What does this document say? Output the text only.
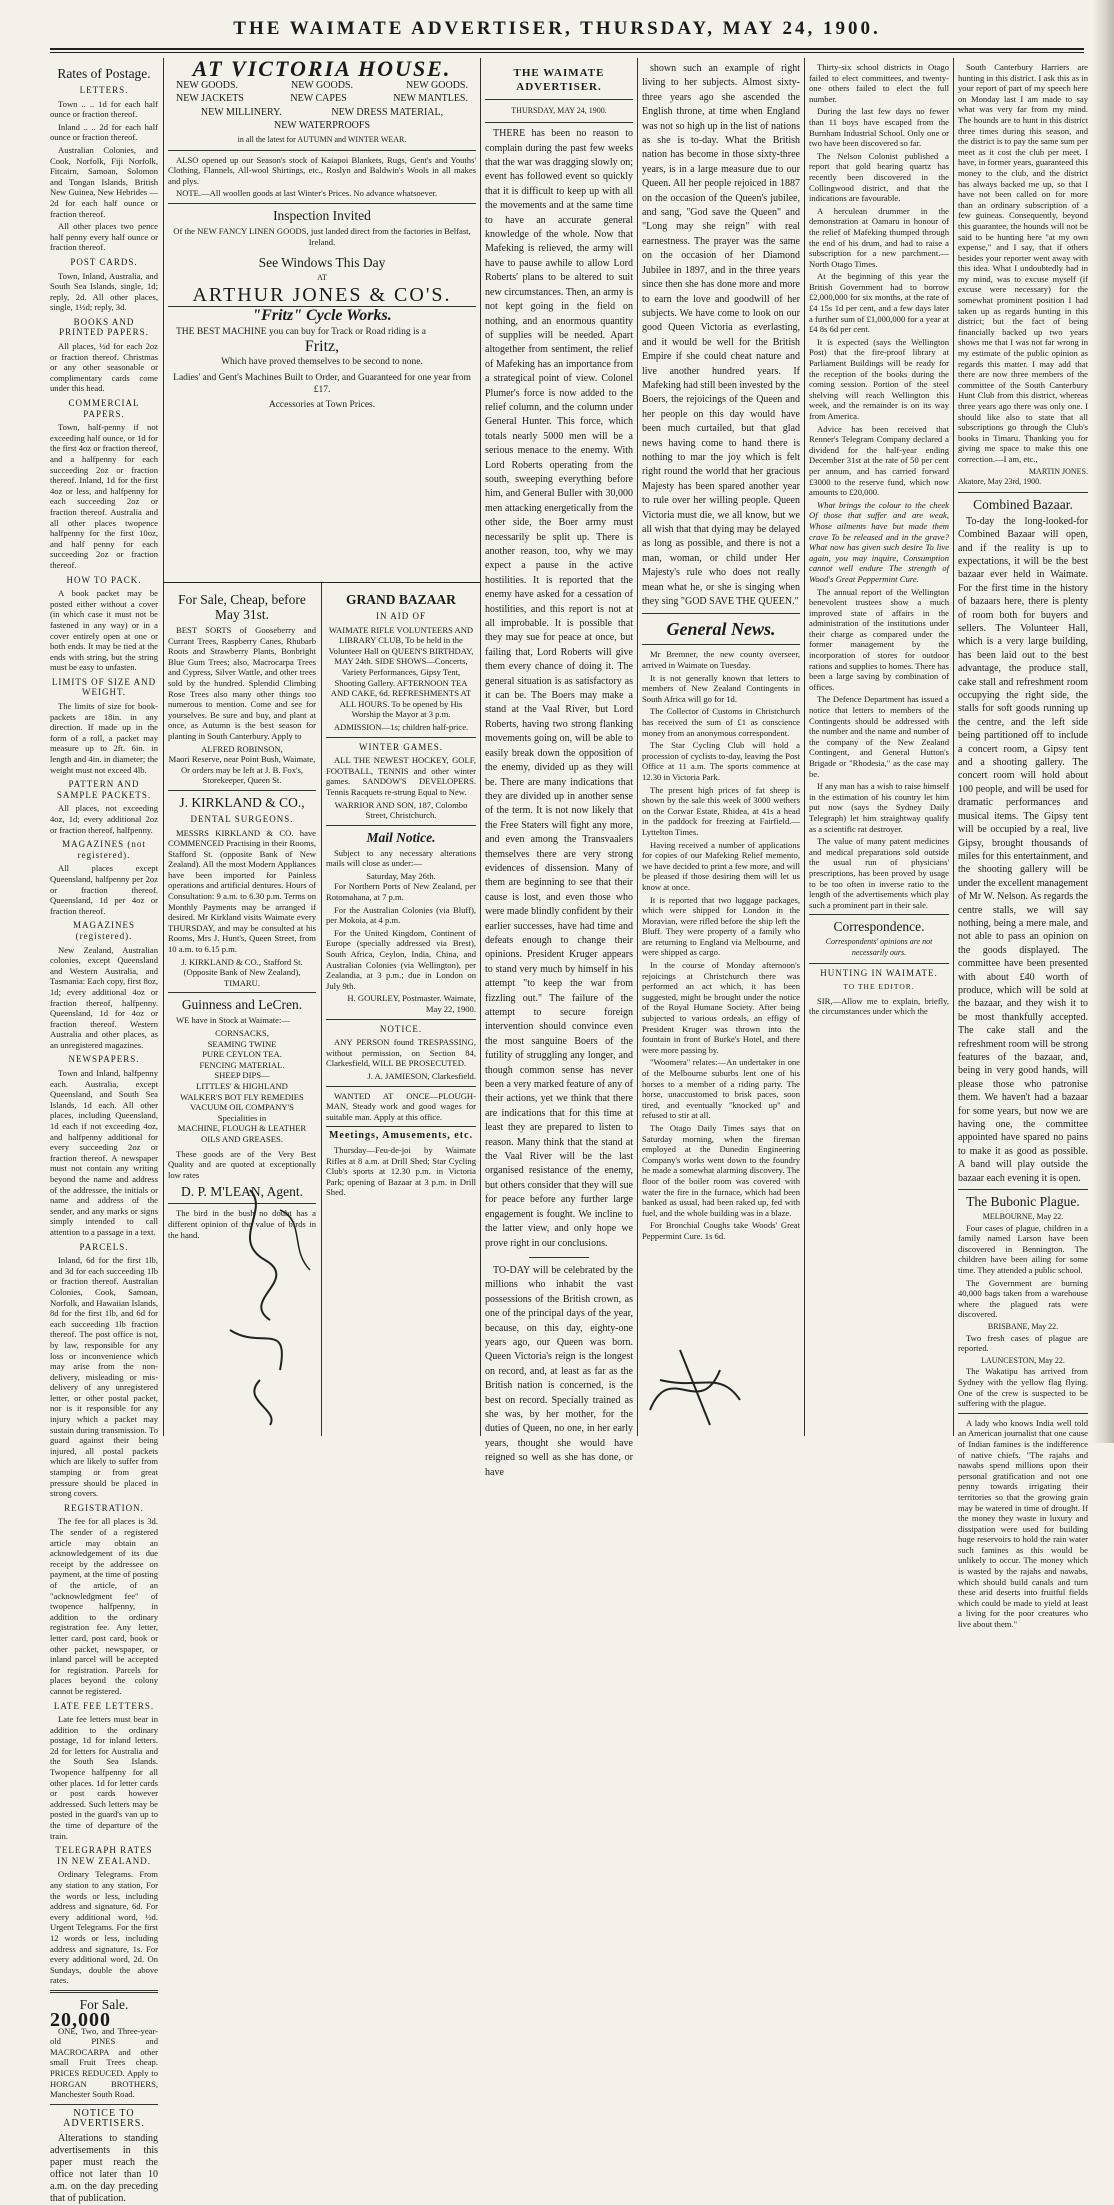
THE WAIMATE ADVERTISER, THURSDAY, MAY 24, 1900.
Rates of Postage.
LETTERS.

Town .. .. 1d for each half ounce or fraction thereof.

Inland .. .. 2d for each half ounce or fraction thereof.

Australian Colonies, and Cook, Norfolk, Fiji Norfolk, Fitcairn, Samoan, Solomon and Tongan Islands, British New Guinea, New Hebrides — 2d for each half ounce or fraction thereof.

All other places two pence half penny every half ounce or fraction thereof.

POST CARDS.

Town, Inland, Australia, and South Sea Islands, single, 1d; reply, 2d. All other places, single, 1½d; reply, 3d.

BOOKS AND PRINTED PAPERS.

All places, ½d for each 2oz or fraction thereof. Christmas or any other seasonable or complimentary cards come under this head.

COMMERCIAL PAPERS.

Town, half-penny if not exceeding half ounce, or 1d for the first 4oz or fraction thereof, and a halfpenny for each succeeding 2oz or fraction thereof. Inland, 1d for the first 4oz or less, and halfpenny for each succeeding 2oz or fraction thereof. Australia and all other places twopence halfpenny for the first 10oz, and half penny for each succeeding 2oz or fraction thereof.

HOW TO PACK.

A book packet may be posted either without a cover (in which case it must not be fastened in any way) or in a cover entirely open at one or both ends. It may be tied at the ends with string, but the string must be easy to unfasten.

LIMITS OF SIZE AND WEIGHT.

The limits of size for book-packets are 18in. in any direction. If made up in the form of a roll, a packet may measure up to 2ft. 6in. in length and 4in. in diameter; the weight must not exceed 4lb.

PATTERN AND SAMPLE PACKETS.

All places, not exceeding 4oz, 1d; every additional 2oz or fraction thereof, halfpenny.

MAGAZINES (not registered).

All places except Queensland, halfpenny per 2oz or fraction thereof. Queensland, 1d per 4oz or fraction thereof.

MAGAZINES (registered).

New Zealand, Australian colonies, except Queensland and Western Australia, and Tasmania: Each copy, first 8oz, 1d; every additional 4oz or fraction thereof, halfpenny. Queensland, 1d for 4oz or fraction thereof. Western Australia and other places, as an unregistered magazines.

NEWSPAPERS.

Town and Inland, halfpenny each. Australia, except Queensland, and South Sea Islands, 1d each. All other places, including Queensland, 1d each if not exceeding 4oz, and halfpenny additional for every succeeding 2oz or fraction thereof. A newspaper must not contain any writing beyond the name and address of the addressee, the initials or name and address of the sender, and any marks or signs simply intended to call attention to a passage in a text.

PARCELS.

Inland, 6d for the first 1lb, and 3d for each succeeding 1lb or fraction thereof. Australian Colonies, Cook, Samoan, Norfolk, and Hawaiian Islands, 8d for the first 1lb, and 6d for each succeeding 1lb fraction thereof. The post office is not, by law, responsible for any loss or inconvenience which may arise from the non-delivery, misleading or mis-delivery of any unregistered letter, or other postal packet, nor is it responsible for any injury which a packet may sustain during transmission. To guard against their being injured, all postal packets which are likely to suffer from stamping or from great pressure should be placed in strong covers.

REGISTRATION.

The fee for all places is 3d. The sender of a registered article may obtain an acknowledgement of its due receipt by the addressee on payment, at the time of posting of the article, of an "acknowledgment fee" of twopence halfpenny, in addition to the ordinary registration fee. Any letter, letter card, post card, book or other packet, newspaper, or inland parcel will be accepted for registration. Parcels for places beyond the colony cannot be registered.

LATE FEE LETTERS.

Late fee letters must bear in addition to the ordinary postage, 1d for inland letters. 2d for letters for Australia and the South Sea Islands. Twopence halfpenny for all other places. 1d for letter cards or post cards however addressed. Such letters may be posted in the guard's van up to the time of departure of the train.

TELEGRAPH RATES IN NEW ZEALAND.

Ordinary Telegrams. From any station to any station, For the words or less, including address and signature, 6d. For every additional word, ½d. Urgent Telegrams. For the first 12 words or less, including address and signature, 1s. For every additional word, 2d. On Sundays, double the above rates.

For Sale.
20,000

ONE, Two, and Three-year-old PINES and MACROCARPA and other small Fruit Trees cheap. PRICES REDUCED. Apply to HORGAN BROTHERS, Manchester South Road.

NOTICE TO ADVERTISERS.

Alterations to standing advertisements in this paper must reach the office not later than 10 a.m. on the day preceding that of publication.

AT VICTORIA HOUSE.
NEW GOODS.	NEW GOODS.	NEW GOODS.
NEW JACKETS	NEW CAPES	NEW MANTLES.
NEW MILLINERY.	NEW DRESS MATERIAL,
NEW WATERPROOFS
in all the latest for AUTUMN and WINTER WEAR.

ALSO opened up our Season's stock of Kaiapoi Blankets, Rugs, Gent's and Youths' Clothing, Flannels, All-wool Shirtings, etc., Roslyn and Baldwin's Wools in all makes and plys.

NOTE.—All woollen goods at last Winter's Prices. No advance whatsoever.

Inspection Invited
Of the NEW FANCY LINEN GOODS, just landed direct from the factories in Belfast, Ireland.
See Windows This Day
AT
ARTHUR JONES & CO'S.
"Fritz" Cycle Works.

THE BEST MACHINE you can buy for Track or Road riding is a

Fritz,
Which have proved themselves to be second to none.

Ladies' and Gent's Machines Built to Order, and Guaranteed for one year from £17.

Accessories at Town Prices.
For Sale, Cheap, before May 31st.

BEST SORTS of Gooseberry and Currant Trees, Raspberry Canes, Rhubarb Roots and Strawberry Plants, Bonbright Blue Gum Trees; also, Macrocarpa Trees and Cypress, Silver Wattle, and other trees sold by the hundred. Splendid Climbing Rose Trees also many other things too numerous to mention. Come and see for yourselves. Be sure and buy, and plant at once, as Autumn is the best season for planting in South Canterbury. Apply to

ALFRED ROBINSON,

Maori Reserve, near Point Bush, Waimate, Or orders may be left at J. B. Fox's, Storekeeper, Queen St.

J. KIRKLAND & CO.,
DENTAL SURGEONS.

MESSRS KIRKLAND & CO. have COMMENCED Practising in their Rooms, Stafford St. (opposite Bank of New Zealand). All the most Modern Appliances have been imported for Painless operations and artificial dentures. Hours of Consultation: 9 a.m. to 6.30 p.m. Terms on Monthly Payments may be arranged if desired. Mr Kirkland visits Waimate every THURSDAY, and may be consulted at his Rooms, Mrs J. Hunt's, Queen Street, from 10 a.m. to 6.15 p.m.

J. KIRKLAND & CO., Stafford St. (Opposite Bank of New Zealand), TIMARU.

Guinness and LeCren.

WE have in Stock at Waimate:—

CORNSACKS,
SEAMING TWINE
PURE CEYLON TEA.
FENCING MATERIAL.
SHEEP DIPS—
LITTLES' & HIGHLAND
WALKER'S BOT FLY REMEDIES
VACUUM OIL COMPANY'S
Specialities in
MACHINE, FLOUGH & LEATHER OILS AND GREASES.

These goods are of the Very Best Quality and are quoted at exceptionally low rates

D. P. M'LEAN, Agent.

The bird in the bush no doubt has a different opinion of the value of birds in the hand.

GRAND BAZAAR
IN AID OF

WAIMATE RIFLE VOLUNTEERS AND LIBRARY CLUB, To be held in the Volunteer Hall on QUEEN'S BIRTHDAY, MAY 24th. SIDE SHOWS—Concerts, Variety Performances, Gipsy Tent, Shooting Gallery. AFTERNOON TEA AND CAKE, 6d. REFRESHMENTS AT ALL HOURS. To be opened by His Worship the Mayor at 3 p.m.

ADMISSION—1s; children half-price.
WINTER GAMES.

ALL THE NEWEST HOCKEY, GOLF, FOOTBALL, TENNIS and other winter games. SANDOW'S DEVELOPERS. Tennis Racquets re-strung Equal to New.

WARRIOR AND SON, 187, Colombo Street, Christchurch.

Mail Notice.

Subject to any necessary alterations mails will close as under:—

Saturday, May 26th.

For Northern Ports of New Zealand, per Rotomahana, at 7 p.m.

For the Australian Colonies (via Bluff), per Mokoia, at 4 p.m.

For the United Kingdom, Continent of Europe (specially addressed via Brest), South Africa, Ceylon, India, China, and Australian Colonies (via Wellington), per Zealandia, at 3 p.m.; due in London on July 9th.

H. GOURLEY, Postmaster. Waimate, May 22, 1900.

NOTICE.

ANY PERSON found TRESPASSING, without permission, on Section 84, Clarkesfield, WILL BE PROSECUTED.

J. A. JAMIESON, Clarkesfield.

WANTED AT ONCE—PLOUGH-MAN, Steady work and good wages for suitable man. Apply at this office.

Meetings, Amusements, etc.

Thursday—Feu-de-joi by Waimate Rifles at 8 a.m. at Drill Shed; Star Cycling Club's sports at 12.30 p.m. in Victoria Park; opening of Bazaar at 3 p.m. in Drill Shed.

THE WAIMATE ADVERTISER.
THURSDAY, MAY 24, 1900.

THERE has been no reason to complain during the past few weeks that the war was dragging slowly on; event has followed event so quickly that it is difficult to keep up with all the movements and at the same time to have an accurate general knowledge of the whole. Now that Mafeking is relieved, the army will have to pause awhile to allow Lord Roberts' plans to be altered to suit new circumstances. Then, an army is not kept going in the field on nothing, and an enormous quantity of supplies will be needed. Apart altogether from sentiment, the relief of Mafeking has an importance from a strategical point of view. Colonel Plumer's force is now added to the relief column, and the column under General Hunter. This force, which totals nearly 5000 men will be a serious menace to the enemy. With Lord Roberts operating from the south, sweeping everything before him, and General Buller with 30,000 men attacking energetically from the other side, the Boer army must necessarily be split up. There is another reason, too, why we may expect a pause in the active hostilities. It is reported that the enemy have asked for a cessation of hostilities, and this report is not at all improbable. It is possible that they may sue for peace at once, but failing that, Lord Roberts will give them every chance of doing it. The general situation is as satisfactory as it can be. The Boers may make a stand at the Vaal River, but Lord Roberts, having two strong flanking movements going on, will be able to easily break down the opposition of the enemy, divided up as they will be. There are many indications that they are divided up in another sense of the term. It is not now likely that the Free Staters will fight any more, and even among the Transvaalers themselves there are very strong evidences of dissension. Many of them are beginning to see that their cause is lost, and even those who were made blindly confident by their earlier successes, have had time and defeats enough to change their opinions. President Kruger appears to stand very much by himself in his attempt "to keep the war from fizzling out." The failure of the attempt to secure foreign intervention should convince even the most sanguine Boers of the futility of struggling any longer, and though common sense has never been a very marked feature of any of their actions, yet we think that there are indications that for this time at least they are prepared to listen to reason. Many think that the stand at the Vaal River will be the last organised resistance of the enemy, but others consider that they will sue for peace before any further large engagement is fought. We incline to the latter view, and only hope we prove right in our conclusions.

TO-DAY will be celebrated by the millions who inhabit the vast possessions of the British crown, as one of the principal days of the year, because, on this day, eighty-one years ago, our Queen was born. Queen Victoria's reign is the longest on record, and, at least as far as the British nation is concerned, is the best on record. Specially trained as she was, by her mother, for the duties of Queen, no one, in her early years, thought she would have reigned so well as she has done, or have

shown such an example of right living to her subjects. Almost sixty-three years ago she ascended the English throne, at time when England was not so high up in the list of nations as she is to-day. What the British nation has become in those sixty-three years, is in a large measure due to our Queen. All her people rejoiced in 1887 on the occasion of the Queen's jubilee, and sang, "God save the Queen" and "Long may she reign" with real earnestness. The prayer was the same on the occasion of her Diamond Jubilee in 1897, and in the three years since then she has done more and more to earn the love and goodwill of her subjects. We have come to look on our good Queen Victoria as everlasting, and it would be well for the British Empire if she could cheat nature and live another hundred years. If Mafeking had still been invested by the Boers, the rejoicings of the Queen and her people on this day would have been much curtailed, but that glad news having come to hand there is nothing to mar the joy which is felt right round the world that her gracious Majesty has been spared another year to rule over her willing people. Queen Victoria must die, we all know, but we all wish that that dying may be delayed as long as possible, and there is not a man, woman, or child under Her Majesty's rule who does not really mean what he, or she is singing when they sing "GOD SAVE THE QUEEN."

General News.

Mr Bremner, the new county overseer, arrived in Waimate on Tuesday.

It is not generally known that letters to members of New Zealand Contingents in South Africa will go for 1d.

The Collector of Customs in Christchurch has received the sum of £1 as conscience money from an anonymous correspondent.

The Star Cycling Club will hold a procession of cyclists to-day, leaving the Post Office at 11 a.m. The sports commence at 12.30 in Victoria Park.

The present high prices of fat sheep is shown by the sale this week of 3000 wethers on the Corwar Estate, Rhidea, at 41s a head in the paddock for freezing at Fairfield.—Lyttelton Times.

Having received a number of applications for copies of our Mafeking Relief memento, we have decided to print a few more, and will be pleased if those desiring them will let us know at once.

It is reported that two luggage packages, which were shipped for London in the Moravian, were rifled before the ship left the Bluff. They were property of a family who are returning to England via Melbourne, and were shipped as cargo.

In the course of Monday afternoon's rejoicings at Christchurch there was performed an act which, it has been suggested, might be brought under the notice of the Royal Humane Society. After being subjected to various ordeals, an effigy of President Kruger was thrown into the fountain in front of Burke's Hotel, and there were more passing by.

"Woomera" relates:—An undertaker in one of the Melbourne suburbs lent one of his horses to a member of a riding party. The horse, unaccustomed to brisk paces, soon tired, and eventually "knocked up" and refused to stir at all.

The Otago Daily Times says that on Saturday morning, when the fireman employed at the Dunedin Engineering Company's works went down to the foundry he made a somewhat alarming discovery. The floor of the boiler room was covered with water the fire in the furnace, which had been banked as usual, had been raked up, fed with fuel, and the whole building was in a blaze.

For Bronchial Coughs take Woods' Great Peppermint Cure. 1s 6d.

Thirty-six school districts in Otago failed to elect committees, and twenty-one others failed to elect the full number.

During the last few days no fewer than 11 boys have escaped from the Burnham Industrial School. Only one or two have been discovered so far.

The Nelson Colonist published a report that gold bearing quartz has recently been discovered in the Collingwood district, and that the indications are favourable.

A herculean drummer in the demonstration at Oamaru in honour of the relief of Mafeking thumped through the end of his drum, and had to raise a subscription for a new parchment.—North Otago Times.

At the beginning of this year the British Government had to borrow £2,000,000 for six months, at the rate of £4 15s 1d per cent, and a few days later a further sum of £1,000,000 for a year at £4 8s 6d per cent.

It is expected (says the Wellington Post) that the fire-proof library at Parliament Buildings will be ready for the reception of the books during the coming session. Portion of the steel shelving will reach Wellington this week, and the remainder is on its way from America.

Advice has been received that Renner's Telegram Company declared a dividend for the half-year ending December 31st at the rate of 50 per cent per annum, and has carried forward £3000 to the reserve fund, which now amounts to £20,000.

What brings the colour to the cheek Of those that suffer and are weak, Whose ailments have but made them crave To be released and in the grave? What now has given such desire To live again, you may inquire, Consumption cannot well endure The strength of Wood's Great Peppermint Cure.

The annual report of the Wellington benevolent trustees show a much improved state of affairs in the administration of the institutions under their charge as compared under the former management by the incorporation of stores for outdoor rations and supplies to homes. There has been a large saving by combination of offices.

The Defence Department has issued a notice that letters to members of the Contingents should be addressed with the number and the name and number of the company of the New Zealand Contingent, and General Hutton's Brigade or "Rhodesia," as the case may be.

If any man has a wish to raise himself in the estimation of his country let him put now (says the Sydney Daily Telegraph) let him straightway qualify as a scientific rat destroyer.

The value of many patent medicines and medical preparations sold outside the usual run of physicians' prescriptions, has been proved by usage to be too often in inverse ratio to the length of the advertisements which play such a prominent part in their sale.

Correspondence.
Correspondents' opinions are not necessarily ours.
HUNTING IN WAIMATE.
TO THE EDITOR.

SIR,—Allow me to explain, briefly, the circumstances under which the

South Canterbury Harriers are hunting in this district. I ask this as in your report of part of my speech here on Monday last I am made to say what was very far from my mind. The hounds are to hunt in this district three times during this season, and the district is to pay the same sum per meet as it cost the club per meet. I have, in former years, guaranteed this money to the club, and the district has always backed me up, so that I have not been called on for more than an ordinary subscription of a few guineas. Consequently, beyond this guarantee, the hounds will not be said to be hunting here "at my own expense," and I say, that if others besides your reporter went away with this idea. What I undoubtedly had in my mind, was to excuse myself (if excuse were necessary) for the somewhat prominent position I had taken up as regards hunting in this district; but the fact of being financially backed up two years shows me that I was not far wrong in my estimate of the public opinion as regards this matter. I may add that there are now three members of the committee of the South Canterbury Hunt Club from this district, whereas three years ago there was only one. I should like also to state that all subscriptions go through the Club's books in Timaru. Thanking you for giving me space to make this one correction.—I am, etc.,

MARTIN JONES.
Akatore, May 23rd, 1900.
Combined Bazaar.

To-day the long-looked-for Combined Bazaar will open, and if the reality is up to expectations, it will be the best bazaar ever held in Waimate. For the first time in the history of bazaars here, there is plenty of room both for buyers and sellers. The Volunteer Hall, which is a very large building, has been laid out to the best advantage, the produce stall, cake stall and refreshment room occupying the right side, the stalls for soft goods running up the centre, and the left side being partitioned off to include a concert room, a Gipsy tent and a shooting gallery. The concert room will hold about 100 people, and will be used for dramatic performances and musical items. The Gipsy tent will be occupied by a real, live Gipsy, brought thousands of miles for this entertainment, and the shooting gallery will be under the excellent management of Mr W. Nelson. As regards the centre stalls, we will say nothing, being a mere male, and not able to pass an opinion on the goods displayed. The committee have been presented with about £40 worth of produce, which will be sold at the bazaar, and they wish it to be most thankfully accepted. The cake stall and the refreshment room will be strong features of the bazaar, and, being in very good hands, will please those who patronise them. We haven't had a bazaar for some years, but now we are having one, the committee appointed have spared no pains to make it as good as possible. A band will play outside the bazaar each evening it is open.

The Bubonic Plague.
MELBOURNE, May 22.

Four cases of plague, children in a family named Larson have been discovered in Bennington. The children have been ailing for some time. They attended a public school.

The Government are burning 40,000 bags taken from a warehouse where the plagued rats were discovered.

BRISBANE, May 22.

Two fresh cases of plague are reported.

LAUNCESTON, May 22.

The Wakatipu has arrived from Sydney with the yellow flag flying. One of the crew is suspected to be suffering with the plague.

A lady who knows India well told an American journalist that one cause of Indian famines is the indifference of native chiefs. "The rajahs and nawabs spend millions upon their personal gratification and not one penny towards irrigating their territories so that the growing grain may be watered in time of drought. If the money they waste in luxury and dissipation were used for building huge reservoirs to hold the rain water such famines as this would be unlikely to occur. The money which is wasted by the rajahs and nawabs, which should build canals and turn these arid deserts into fruitful fields which could be made to yield at least a living for the poor creatures who live about them."
